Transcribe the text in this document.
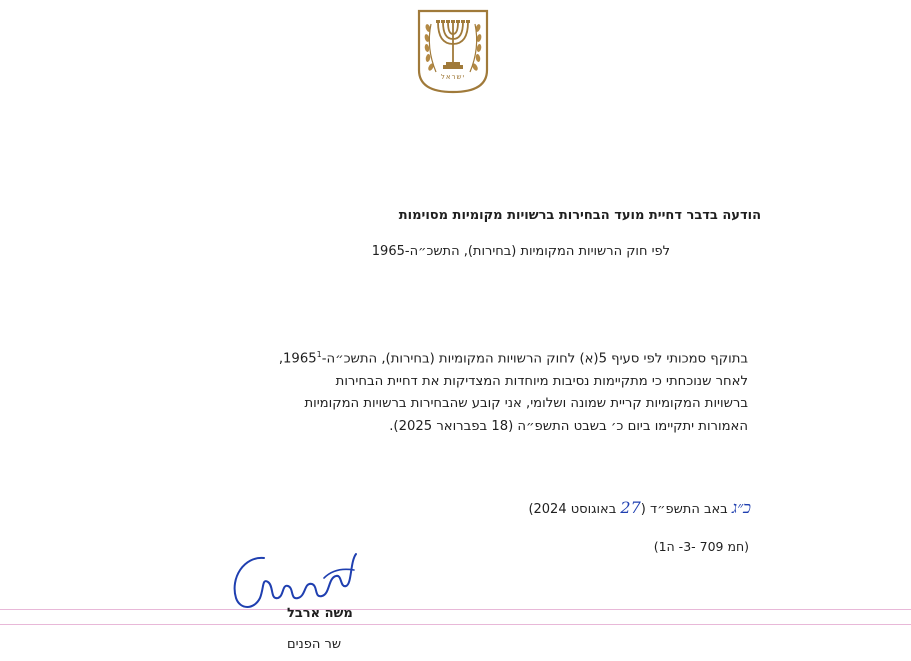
ישראל
הודעה בדבר דחיית מועד הבחירות ברשויות מקומיות מסוימות
לפי חוק הרשויות המקומיות (בחירות), התשכ״ה-1965

בתוקף סמכותי לפי סעיף 5(א) לחוק הרשויות המקומיות (בחירות), התשכ״ה-1965$^1$,

לאחר שנוכחתי כי מתקיימות נסיבות מיוחדות המצדיקות את דחיית הבחירות

ברשויות המקומיות קריית שמונה ושלומי, אני קובע שהבחירות ברשויות המקומיות

האמורות יתקיימו ביום כ׳ בשבט התשפ״ה (18 בפברואר 2025).

כ״ג באב התשפ״ד (27 באוגוסט 2024)
(חמ 709 -3- ה1)
משה ארבל
שר הפנים
